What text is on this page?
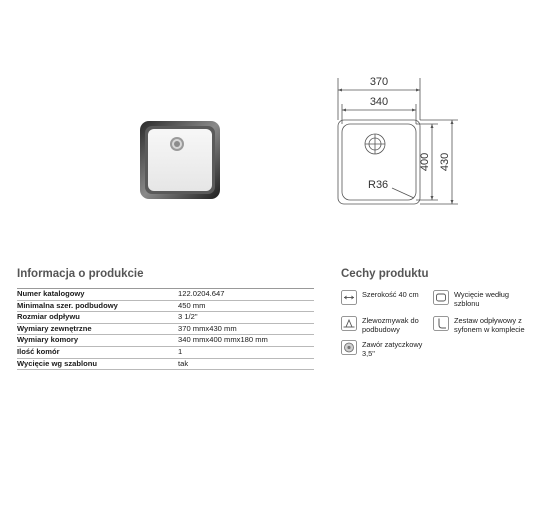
370
340
400 430
R36
Informacja o produkcie
Numer katalogowy	122.0204.647
Minimalna szer. podbudowy	450 mm
Rozmiar odpływu	3 1/2"
Wymiary zewnętrzne	370 mmx430 mm
Wymiary komory	340 mmx400 mmx180 mm
Ilość komór	1
Wycięcie wg szablonu	tak
Cechy produktu
Szerokość 40 cm	Wycięcie według szblonu
Zlewozmywak do podbudowy
Zestaw odpływowy z syfonem w komplecie
Zawór zatyczkowy 3,5"
